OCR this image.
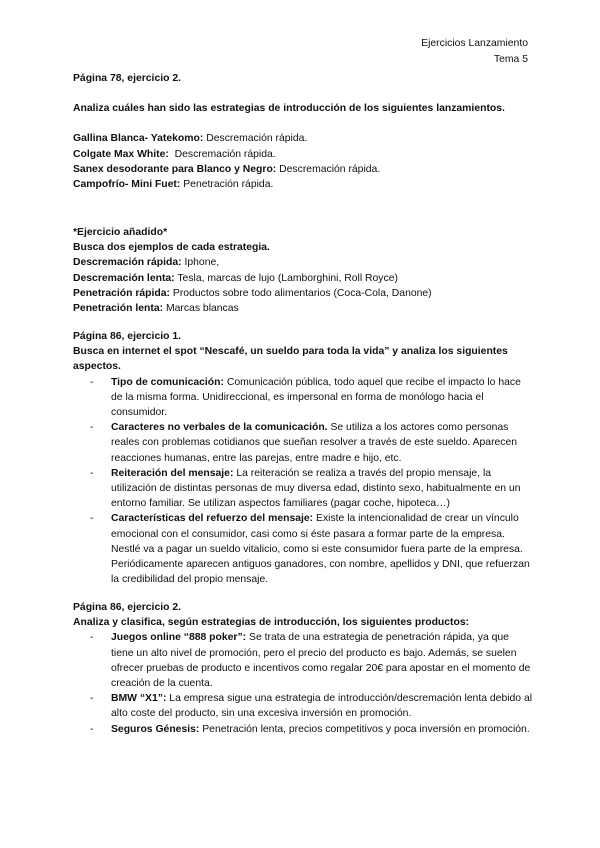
Ejercicios Lanzamiento

Tema 5

Página 78, ejercicio 2.

Analiza cuáles han sido las estrategias de introducción de los siguientes lanzamientos.

Gallina Blanca- Yatekomo: Descremación rápida.

Colgate Max White:  Descremación rápida.

Sanex desodorante para Blanco y Negro: Descremación rápida.

Campofrío- Mini Fuet: Penetración rápida.

*Ejercicio añadido*

Busca dos ejemplos de cada estrategia.

Descremación rápida: Iphone,

Descremación lenta: Tesla, marcas de lujo (Lamborghini, Roll Royce)

Penetración rápida: Productos sobre todo alimentarios (Coca-Cola, Danone)

Penetración lenta: Marcas blancas

Página 86, ejercicio 1.

Busca en internet el spot “Nescafé, un sueldo para toda la vida” y analiza los siguientes aspectos.

- Tipo de comunicación: Comunicación pública, todo aquel que recibe el impacto lo hace de la misma forma. Unidireccional, es impersonal en forma de monólogo hacia el consumidor.
- Caracteres no verbales de la comunicación. Se utiliza a los actores como personas reales con problemas cotidianos que sueñan resolver a través de este sueldo. Aparecen reacciones humanas, entre las parejas, entre madre e hijo, etc.
- Reiteración del mensaje: La reiteración se realiza a través del propio mensaje, la utilización de distintas personas de muy diversa edad, distinto sexo, habitualmente en un entorno familiar. Se utilizan aspectos familiares (pagar coche, hipoteca…)
- Características del refuerzo del mensaje: Existe la intencionalidad de crear un vínculo emocional con el consumidor, casi como si éste pasara a formar parte de la empresa. Nestlé va a pagar un sueldo vitalicio, como si este consumidor fuera parte de la empresa. Periódicamente aparecen antiguos ganadores, con nombre, apellidos y DNI, que refuerzan la credibilidad del propio mensaje.

Página 86, ejercicio 2.

Analiza y clasifica, según estrategias de introducción, los siguientes productos:

- Juegos online “888 poker”: Se trata de una estrategia de penetración rápida, ya que tiene un alto nivel de promoción, pero el precio del producto es bajo. Además, se suelen ofrecer pruebas de producto e incentivos como regalar 20€ para apostar en el momento de creación de la cuenta.
- BMW “X1”: La empresa sigue una estrategia de introducción/descremación lenta debido al alto coste del producto, sin una excesiva inversión en promoción.
- Seguros Génesis: Penetración lenta, precios competitivos y poca inversión en promoción.
